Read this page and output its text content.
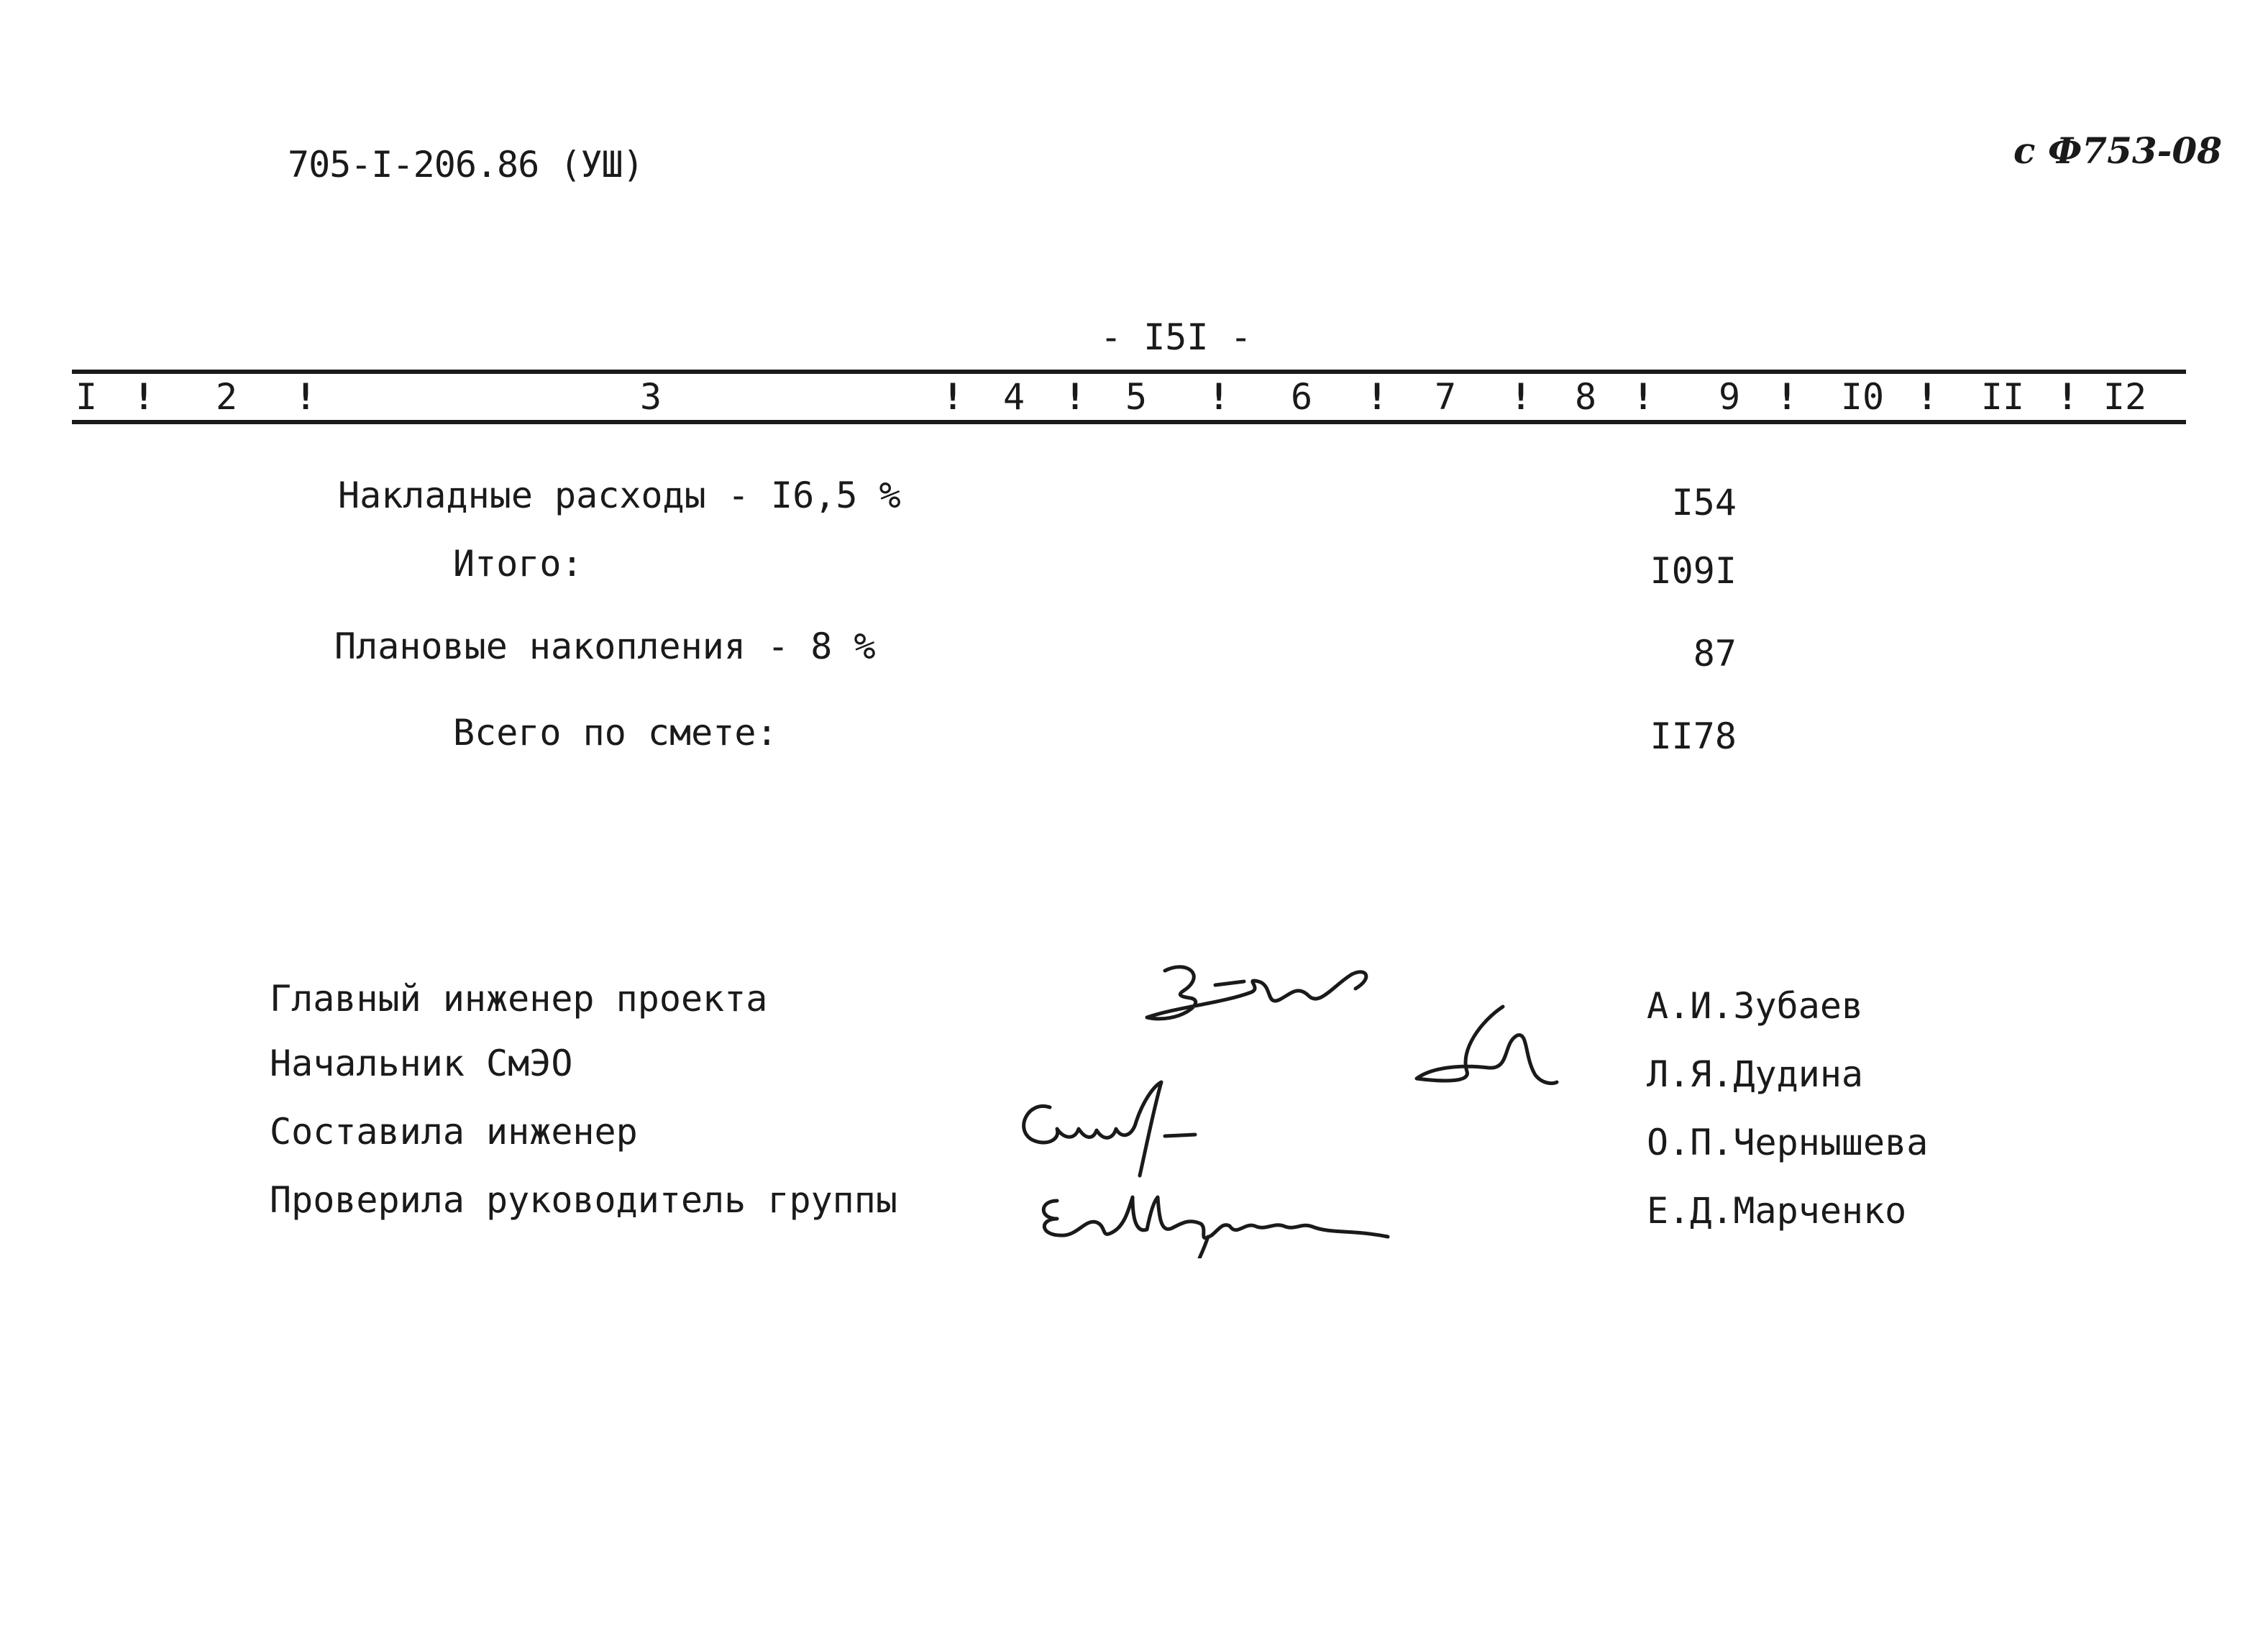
705-I-206.86 (УШ)	с Ф753-08
- I5I -
I ! 2 !	3	! 4 ! 5 ! 6 ! 7 ! 8 ! 9 ! I0 ! II ! I2
Накладные расходы - I6,5 %	I54
Итого:	I09I
Плановые накопления - 8 %	87
Всего по смете:	II78
Главный инженер проекта
Начальник СмЭО
Составила инженер
Проверила руководитель группы
А.И.Зубаев
Л.Я.Дудина
О.П.Чернышева
Е.Д.Марченко
